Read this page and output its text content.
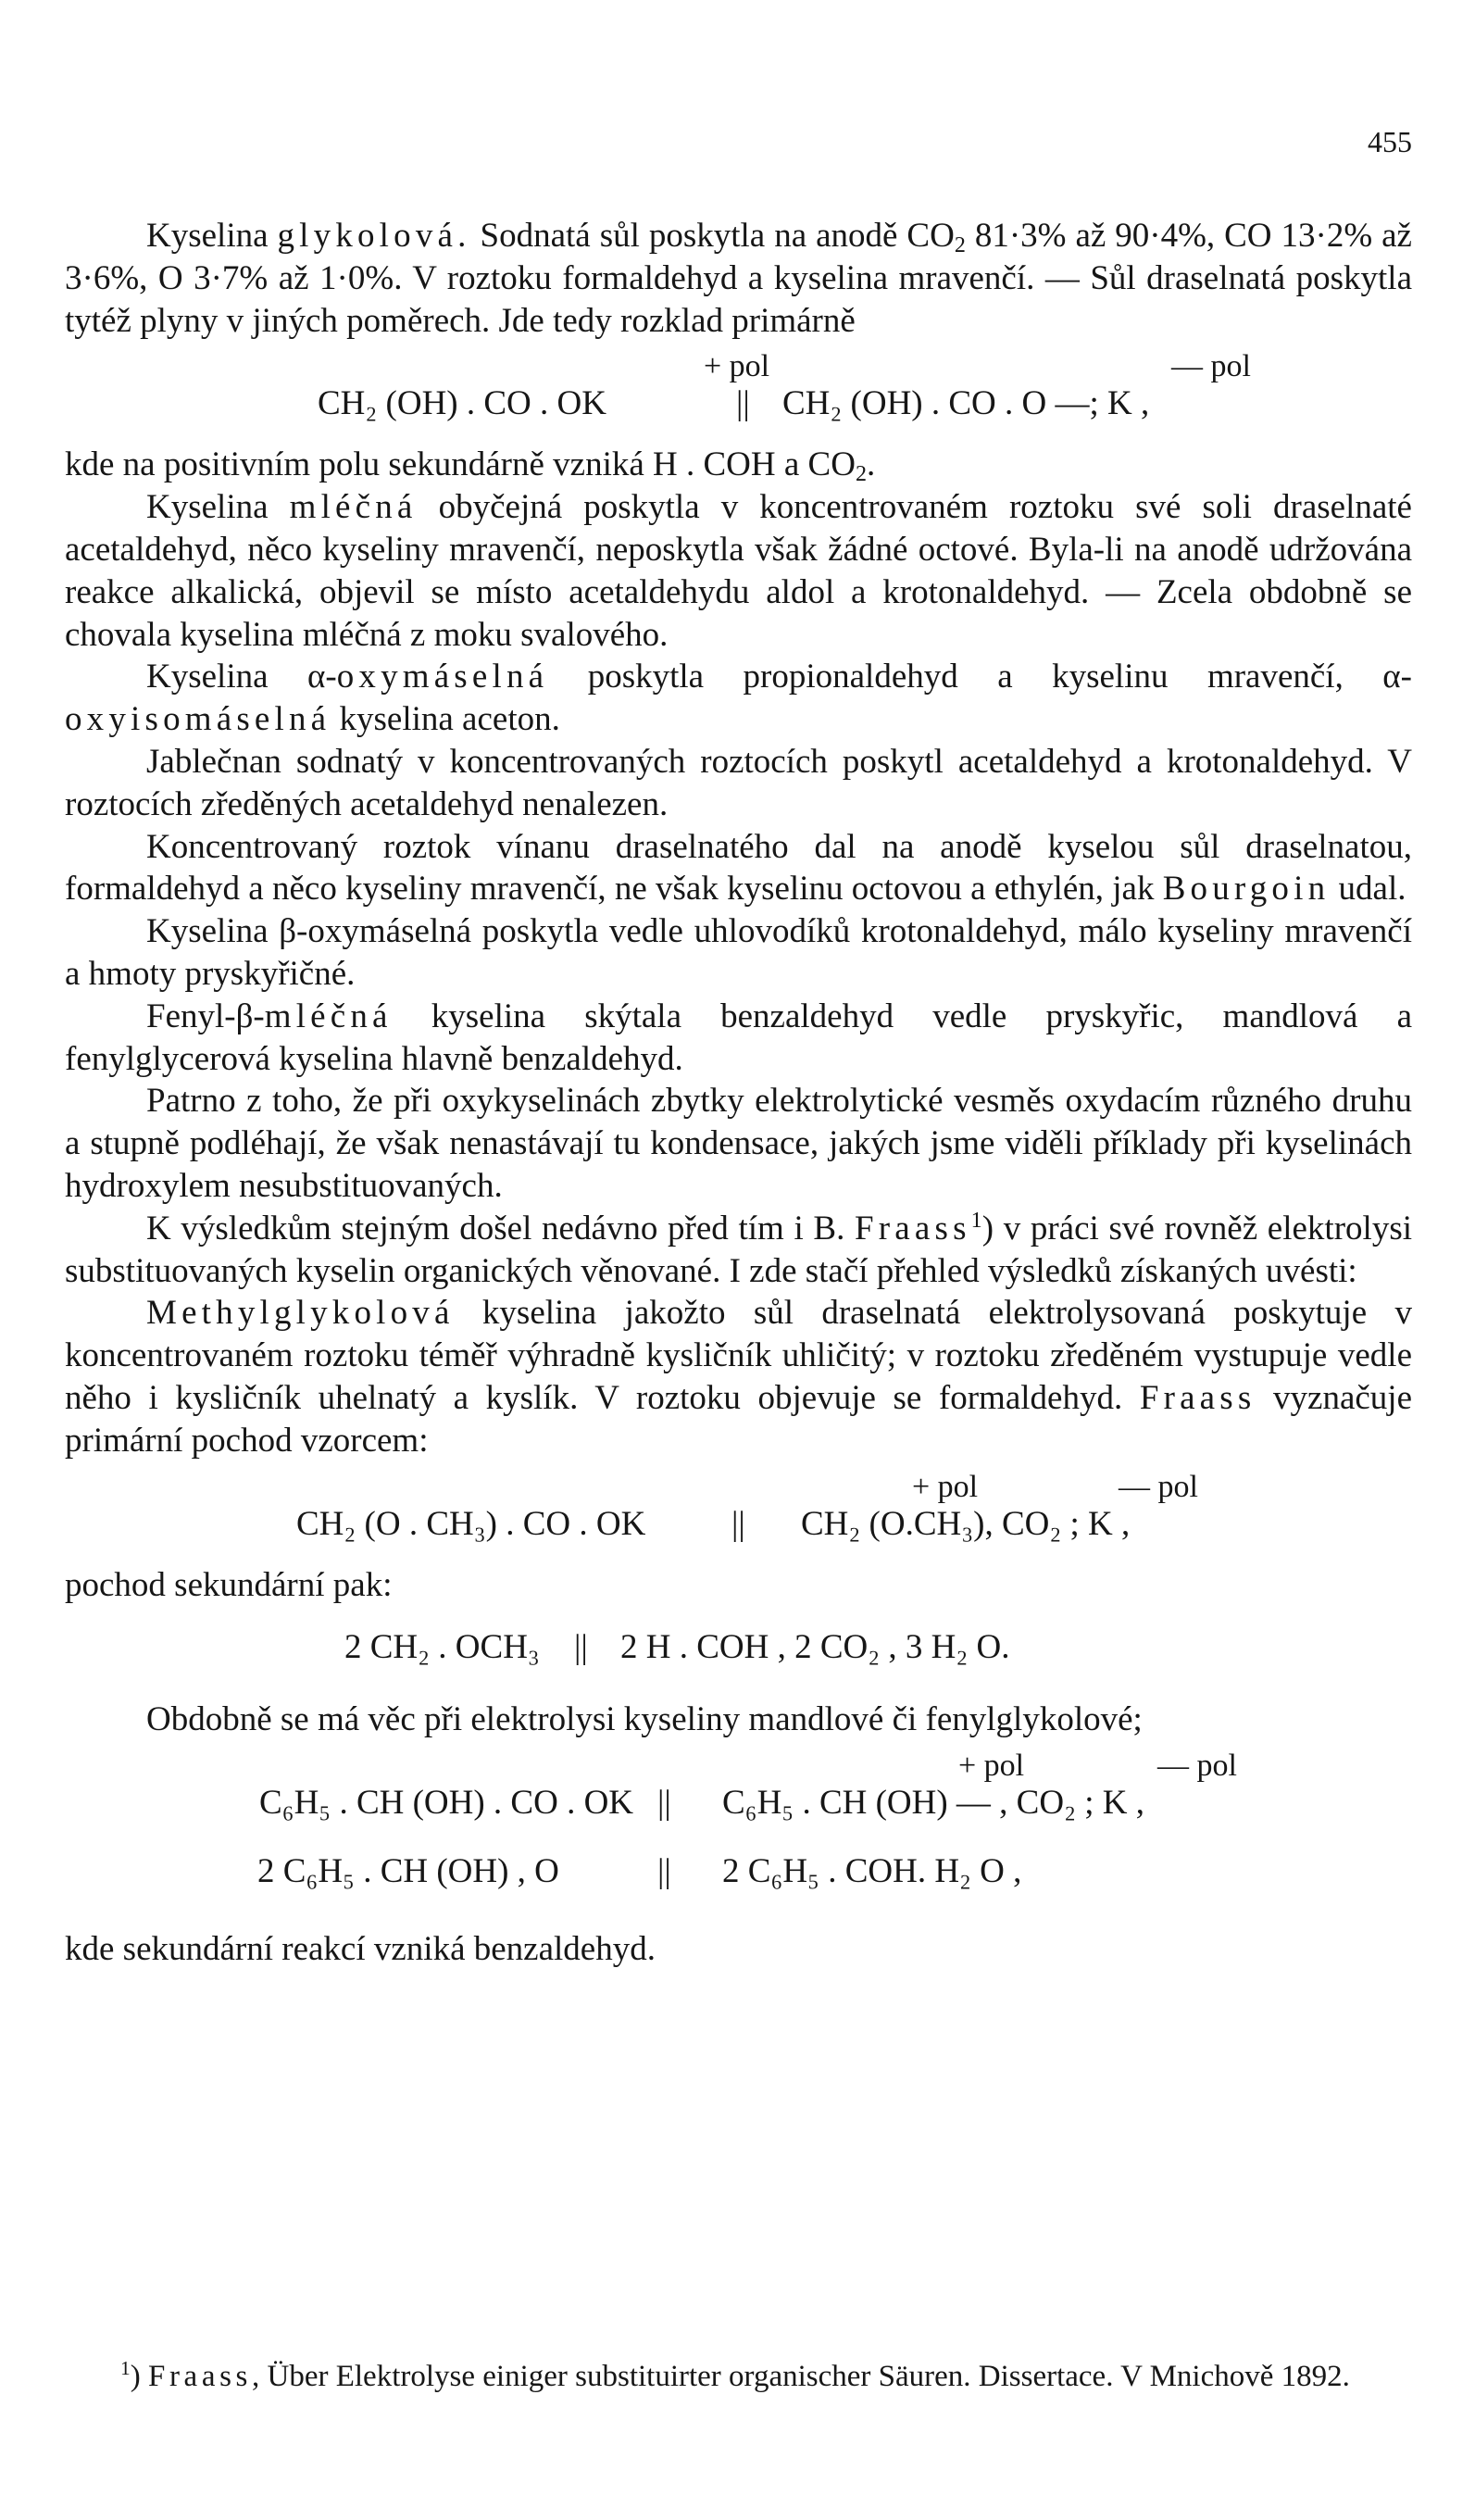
455

Kyselina glykolová. Sodnatá sůl poskytla na anodě $CO_2$ 81·3% až 90·4%, CO 13·2% až 3·6%, O 3·7% až 1·0%. V roztoku formaldehyd a kyselina mravenčí. — Sůl draselnatá poskytla tytéž plyny v jiných poměrech. Jde tedy rozklad primárně

+ pol	— pol
CH₂ (OH) . CO . OK	|| CH₂ (OH) . CO . O —; K ,

kde na positivním polu sekundárně vzniká H . COH a $CO_2$.

Kyselina mléčná obyčejná poskytla v koncentrovaném roztoku své soli draselnaté acetaldehyd, něco kyseliny mravenčí, neposkytla však žádné octové. Byla-li na anodě udržována reakce alkalická, objevil se místo acetaldehydu aldol a krotonaldehyd. — Zcela obdobně se chovala kyselina mléčná z moku svalového.

Kyselina α-oxymáselná poskytla propionaldehyd a kyselinu mravenčí, α-oxyisomáselná kyselina aceton.

Jablečnan sodnatý v koncentrovaných roztocích poskytl acetaldehyd a krotonaldehyd. V roztocích zředěných acetaldehyd nenalezen.

Koncentrovaný roztok vínanu draselnatého dal na anodě kyselou sůl draselnatou, formaldehyd a něco kyseliny mravenčí, ne však kyselinu octovou a ethylén, jak Bourgoin udal.

Kyselina β-oxymáselná poskytla vedle uhlovodíků krotonaldehyd, málo kyseliny mravenčí a hmoty pryskyřičné.

Fenyl-β-mléčná kyselina skýtala benzaldehyd vedle pryskyřic, mandlová a fenylglycerová kyselina hlavně benzaldehyd.

Patrno z toho, že při oxykyselinách zbytky elektrolytické vesměs oxydacím různého druhu a stupně podléhají, že však nenastávají tu kondensace, jakých jsme viděli příklady při kyselinách hydroxylem nesubstituovaných.

K výsledkům stejným došel nedávno před tím i B. Fraass$^1$) v práci své rovněž elektrolysi substituovaných kyselin organických věnované. I zde stačí přehled výsledků získaných uvésti:

Methylglykolová kyselina jakožto sůl draselnatá elektrolysovaná poskytuje v koncentrovaném roztoku téměř výhradně kysličník uhličitý; v roztoku zředěném vystupuje vedle něho i kysličník uhelnatý a kyslík. V roztoku objevuje se formaldehyd. Fraass vyznačuje primární pochod vzorcem:

+ pol	— pol
CH₂ (O . CH₃) . CO . OK	|| CH₂ (O.CH₃), CO₂ ; K ,

pochod sekundární pak:

2 CH₂ . OCH₃ || 2 H . COH , 2 CO₂ , 3 H₂ O.

Obdobně se má věc při elektrolysi kyseliny mandlové či fenylglykolové;

+ pol	— pol
C₆H₅ . CH (OH) . CO . OK || C₆H₅ . CH (OH) — , CO₂ ; K ,
2 C₆H₅ . CH (OH) , O	|| 2 C₆H₅ . COH. H₂ O ,

kde sekundární reakcí vzniká benzaldehyd.

$^1$) Fraass, Über Elektrolyse einiger substituirter organischer Säuren. Dissertace. V Mnichově 1892.
